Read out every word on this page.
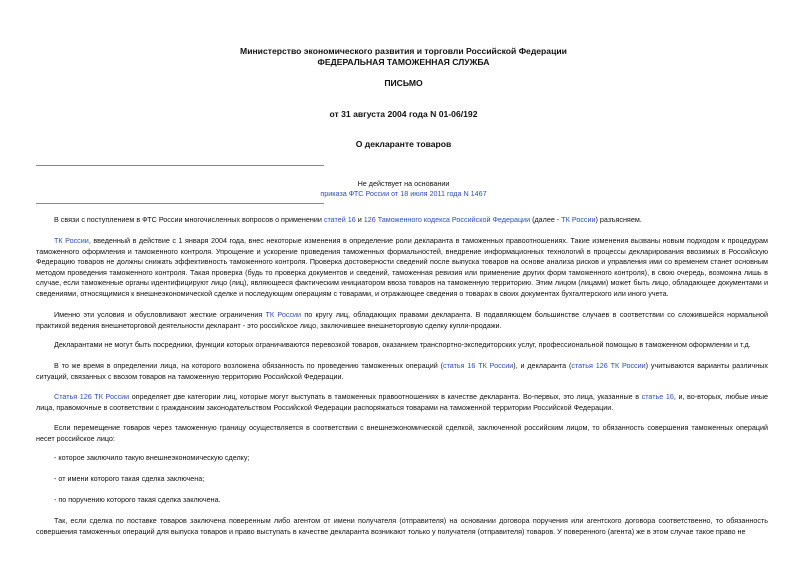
Министерство экономического развития и торговли Российской Федерации
ФЕДЕРАЛЬНАЯ ТАМОЖЕННАЯ СЛУЖБА
ПИСЬМО
от 31 августа 2004 года N 01-06/192
О декларанте товаров
Не действует на основании
приказа ФТС России от 18 июля 2011 года N 1467
В связи с поступлением в ФТС России многочисленных вопросов о применении статей 16 и 126 Таможенного кодекса Российской Федерации (далее - ТК России) разъясняем.
ТК России, введенный в действие с 1 января 2004 года, внес некоторые изменения в определение роли декларанта в таможенных правоотношениях. Такие изменения вызваны новым подходом к процедурам таможенного оформления и таможенного контроля. Упрощение и ускорение проведения таможенных формальностей, внедрение информационных технологий в процессы декларирования ввозимых в Российскую Федерацию товаров не должны снижать эффективность таможенного контроля. Проверка достоверности сведений после выпуска товаров на основе анализа рисков и управления ими со временем станет основным методом проведения таможенного контроля. Такая проверка (будь то проверка документов и сведений, таможенная ревизия или применение других форм таможенного контроля), в свою очередь, возможна лишь в случае, если таможенные органы идентифицируют лицо (лиц), являющееся фактическим инициатором ввоза товаров на таможенную территорию. Этим лицом (лицами) может быть лицо, обладающее документами и сведениями, относящимися к внешнеэкономической сделке и последующим операциям с товарами, и отражающее сведения о товарах в своих документах бухгалтерского или иного учета.
Именно эти условия и обусловливают жесткие ограничения ТК России по кругу лиц, обладающих правами декларанта. В подавляющем большинстве случаев в соответствии со сложившейся нормальной практикой ведения внешнеторговой деятельности декларант - это российское лицо, заключившее внешнеторговую сделку купли-продажи.
Декларантами не могут быть посредники, функции которых ограничиваются перевозкой товаров, оказанием транспортно-экспедиторских услуг, профессиональной помощью в таможенном оформлении и т.д.
В то же время в определении лица, на которого возложена обязанность по проведению таможенных операций (статья 16 ТК России), и декларанта (статья 126 ТК России) учитываются варианты различных ситуаций, связанных с ввозом товаров на таможенную территорию Российской Федерации.
Статья 126 ТК России определяет две категории лиц, которые могут выступать в таможенных правоотношениях в качестве декларанта. Во-первых, это лица, указанные в статье 16, и, во-вторых, любые иные лица, правомочные в соответствии с гражданским законодательством Российской Федерации распоряжаться товарами на таможенной территории Российской Федерации.
Если перемещение товаров через таможенную границу осуществляется в соответствии с внешнеэкономической сделкой, заключенной российским лицом, то обязанность совершения таможенных операций несет российское лицо:
- которое заключило такую внешнеэкономическую сделку;
- от имени которого такая сделка заключена;
- по поручению которого такая сделка заключена.
Так, если сделка по поставке товаров заключена поверенным либо агентом от имени получателя (отправителя) на основании договора поручения или агентского договора соответственно, то обязанность совершения таможенных операций для выпуска товаров и право выступать в качестве декларанта возникают только у получателя (отправителя) товаров. У поверенного (агента) же в этом случае такое право не
